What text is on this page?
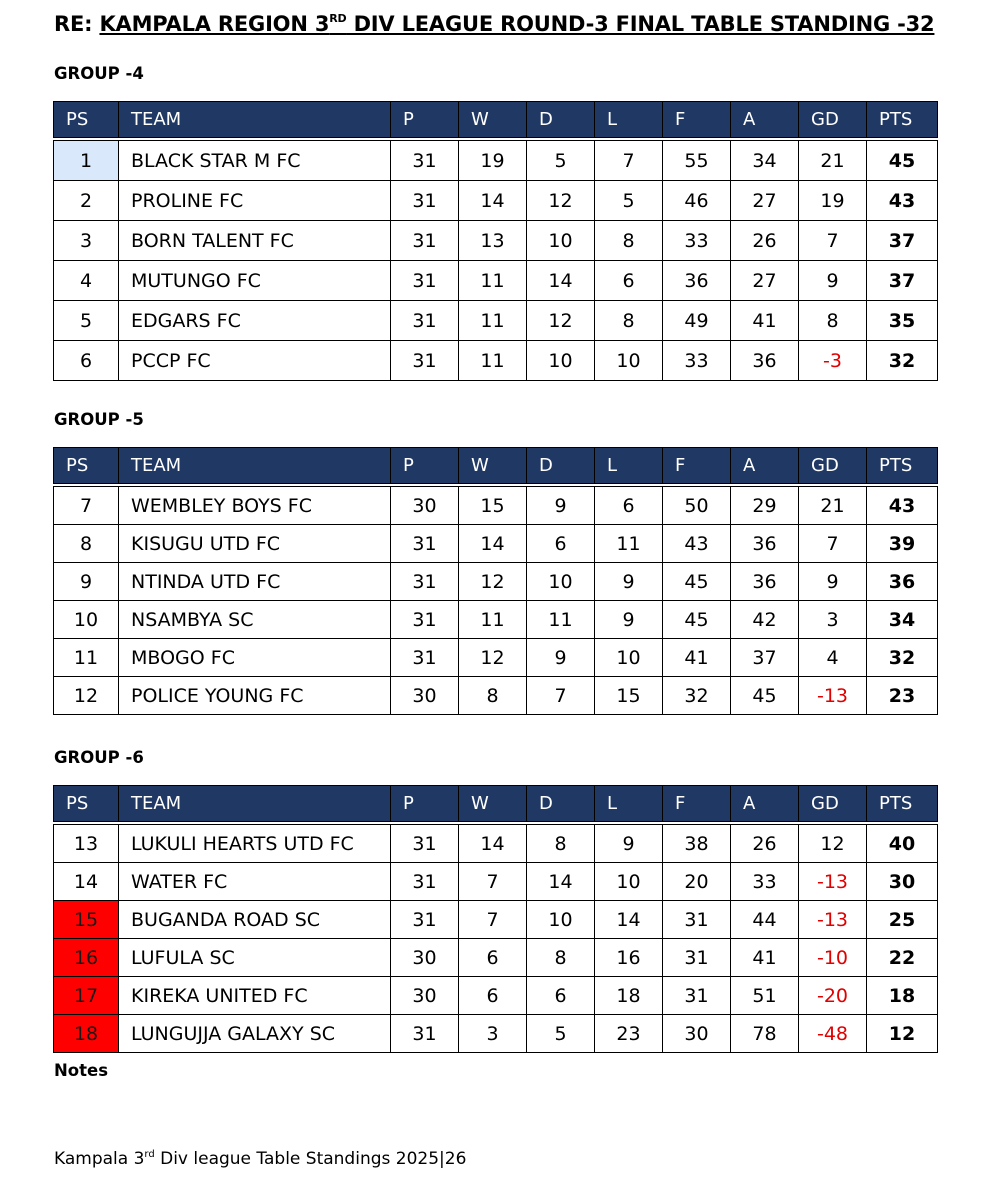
RE: KAMPALA REGION 3RD DIV LEAGUE ROUND-3 FINAL TABLE STANDING -32
GROUP -4
PS	TEAM	P	W	D	L	F	A	GD	PTS

1	BLACK STAR M FC	31	19	5	7	55	34	21	45
2	PROLINE FC	31	14	12	5	46	27	19	43
3	BORN TALENT FC	31	13	10	8	33	26	7	37
4	MUTUNGO FC	31	11	14	6	36	27	9	37
5	EDGARS FC	31	11	12	8	49	41	8	35
6	PCCP FC	31	11	10	10	33	36	-3	32
GROUP -5
PS	TEAM	P	W	D	L	F	A	GD	PTS

7	WEMBLEY BOYS FC	30	15	9	6	50	29	21	43
8	KISUGU UTD FC	31	14	6	11	43	36	7	39
9	NTINDA UTD FC	31	12	10	9	45	36	9	36
10	NSAMBYA SC	31	11	11	9	45	42	3	34
11	MBOGO FC	31	12	9	10	41	37	4	32
12	POLICE YOUNG FC	30	8	7	15	32	45	-13	23
GROUP -6
PS	TEAM	P	W	D	L	F	A	GD	PTS

13	LUKULI HEARTS UTD FC	31	14	8	9	38	26	12	40
14	WATER FC	31	7	14	10	20	33	-13	30
15	BUGANDA ROAD SC	31	7	10	14	31	44	-13	25
16	LUFULA SC	30	6	8	16	31	41	-10	22
17	KIREKA UNITED FC	30	6	6	18	31	51	-20	18
18	LUNGUJJA GALAXY SC	31	3	5	23	30	78	-48	12
Notes
Kampala 3rd Div league Table Standings 2025|26
